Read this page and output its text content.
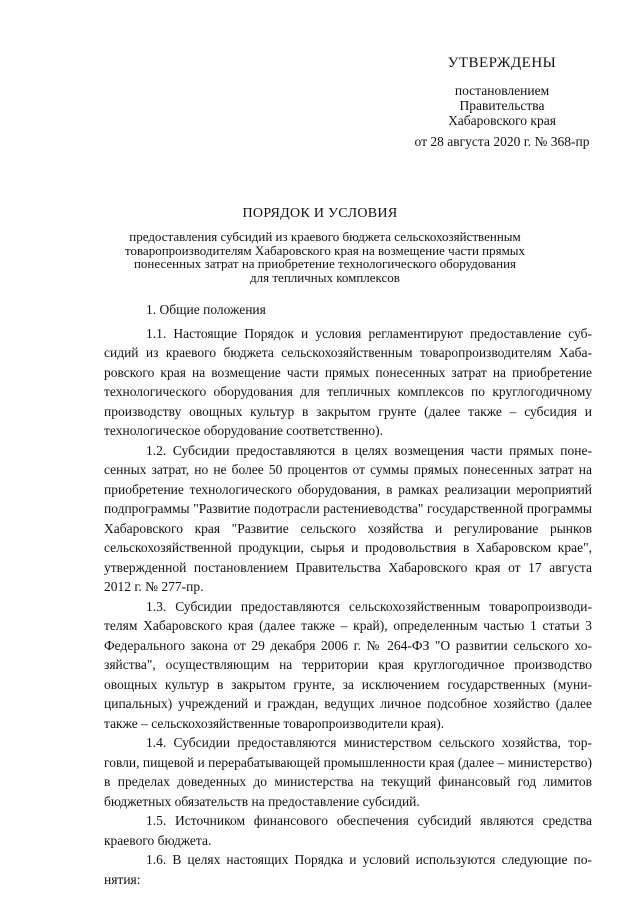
УТВЕРЖДЕНЫ
постановлением
Правительства
Хабаровского края
от 28 августа 2020 г. № 368-пр
ПОРЯДОК И УСЛОВИЯ
предоставления субсидий из краевого бюджета сельскохозяйственным
товаропроизводителям Хабаровского края на возмещение части прямых
понесенных затрат на приобретение технологического оборудования
для тепличных комплексов

1. Общие положения

1.1. Настоящие Порядок и условия регламентируют предоставление субсидий из краевого бюджета сельскохозяйственным товаропроизводителям Хабаровского края на возмещение части прямых понесенных затрат на приобретение технологического оборудования для тепличных комплексов по круглогодичному производству овощных культур в закрытом грунте (далее также – субсидия и технологическое оборудование соответственно).

1.2. Субсидии предоставляются в целях возмещения части прямых понесенных затрат, но не более 50 процентов от суммы прямых понесенных затрат на приобретение технологического оборудования, в рамках реализации мероприятий подпрограммы "Развитие подотрасли растениеводства" государственной программы Хабаровского края "Развитие сельского хозяйства и регулирование рынков сельскохозяйственной продукции, сырья и продовольствия в Хабаровском крае", утвержденной постановлением Правительства Хабаровского края от 17 августа 2012 г. № 277-пр.

1.3. Субсидии предоставляются сельскохозяйственным товаропроизводителям Хабаровского края (далее также – край), определенным частью 1 статьи 3 Федерального закона от 29 декабря 2006 г. № 264-ФЗ "О развитии сельского хозяйства", осуществляющим на территории края круглогодичное производство овощных культур в закрытом грунте, за исключением государственных (муниципальных) учреждений и граждан, ведущих личное подсобное хозяйство (далее также – сельскохозяйственные товаропроизводители края).

1.4. Субсидии предоставляются министерством сельского хозяйства, торговли, пищевой и перерабатывающей промышленности края (далее – министерство) в пределах доведенных до министерства на текущий финансовый год лимитов бюджетных обязательств на предоставление субсидий.

1.5. Источником финансового обеспечения субсидий являются средства краевого бюджета.

1.6. В целях настоящих Порядка и условий используются следующие понятия:
